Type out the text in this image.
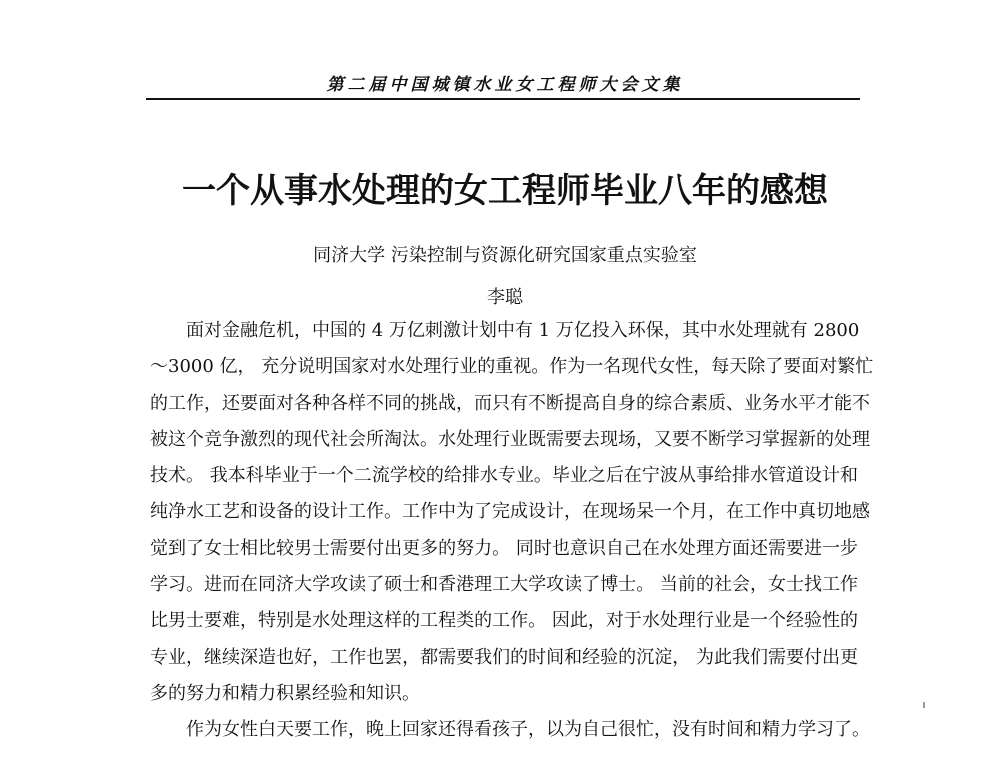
第二届中国城镇水业女工程师大会文集
一个从事水处理的女工程师毕业八年的感想
同济大学 污染控制与资源化研究国家重点实验室
李聪
面对金融危机，中国的 4 万亿刺激计划中有 1 万亿投入环保，其中水处理就有 2800
～3000 亿， 充分说明国家对水处理行业的重视。作为一名现代女性，每天除了要面对繁忙
的工作，还要面对各种各样不同的挑战，而只有不断提高自身的综合素质、业务水平才能不
被这个竞争激烈的现代社会所淘汰。水处理行业既需要去现场，又要不断学习掌握新的处理
技术。 我本科毕业于一个二流学校的给排水专业。毕业之后在宁波从事给排水管道设计和
纯净水工艺和设备的设计工作。工作中为了完成设计，在现场呆一个月，在工作中真切地感
觉到了女士相比较男士需要付出更多的努力。 同时也意识自己在水处理方面还需要进一步
学习。进而在同济大学攻读了硕士和香港理工大学攻读了博士。 当前的社会，女士找工作
比男士要难，特别是水处理这样的工程类的工作。 因此，对于水处理行业是一个经验性的
专业，继续深造也好，工作也罢，都需要我们的时间和经验的沉淀， 为此我们需要付出更
多的努力和精力积累经验和知识。
作为女性白天要工作，晚上回家还得看孩子，以为自己很忙，没有时间和精力学习了。
